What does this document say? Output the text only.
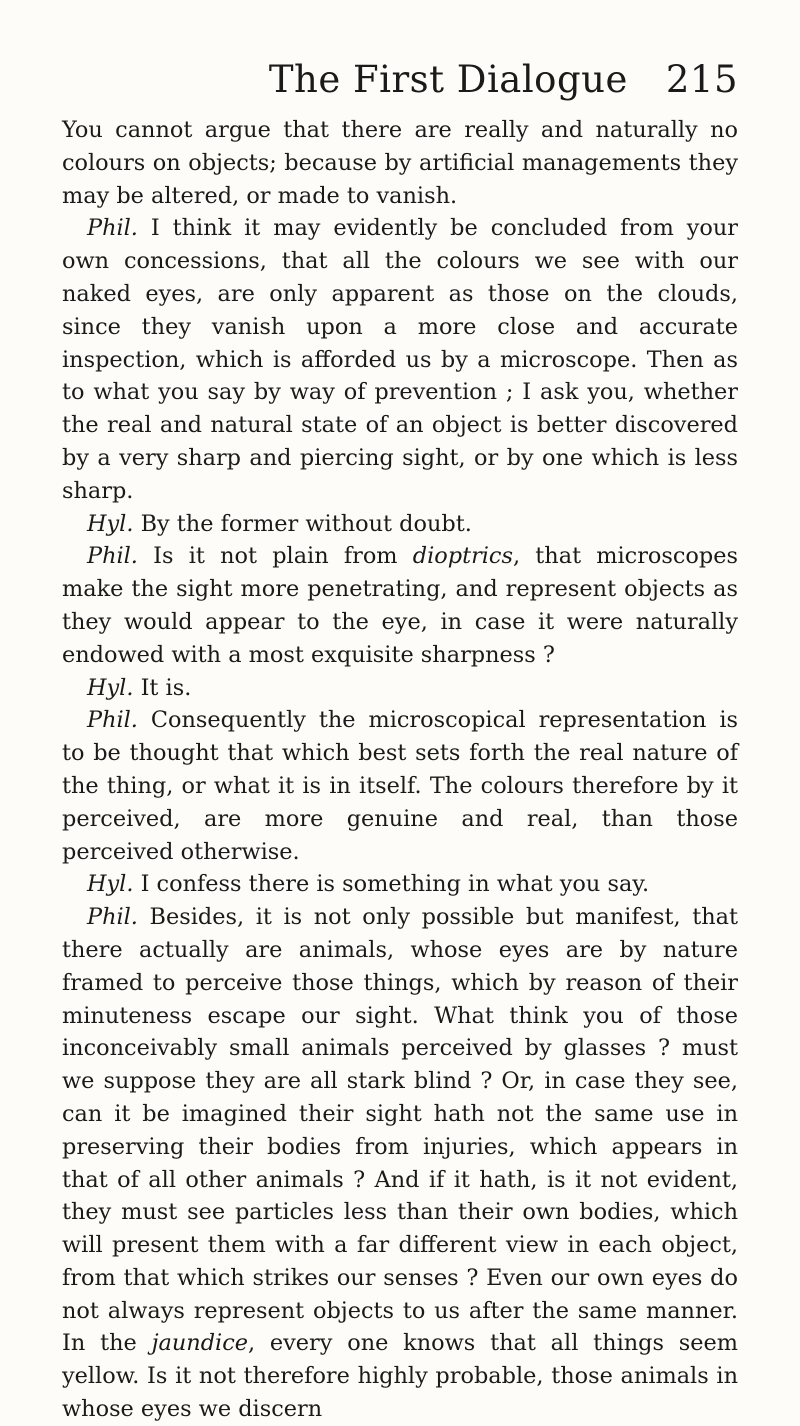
The First Dialogue 215

You cannot argue that there are really and naturally no colours on objects; because by artificial managements they may be altered, or made to vanish.

Phil. I think it may evidently be concluded from your own concessions, that all the colours we see with our naked eyes, are only apparent as those on the clouds, since they vanish upon a more close and accurate inspection, which is afforded us by a microscope. Then as to what you say by way of prevention ; I ask you, whether the real and natural state of an object is better discovered by a very sharp and piercing sight, or by one which is less sharp.

Hyl. By the former without doubt.

Phil. Is it not plain from dioptrics, that microscopes make the sight more penetrating, and represent objects as they would appear to the eye, in case it were naturally endowed with a most exquisite sharpness ?

Hyl. It is.

Phil. Consequently the microscopical representation is to be thought that which best sets forth the real nature of the thing, or what it is in itself. The colours therefore by it perceived, are more genuine and real, than those perceived otherwise.

Hyl. I confess there is something in what you say.

Phil. Besides, it is not only possible but manifest, that there actually are animals, whose eyes are by nature framed to perceive those things, which by reason of their minuteness escape our sight. What think you of those inconceivably small animals perceived by glasses ? must we suppose they are all stark blind ? Or, in case they see, can it be imagined their sight hath not the same use in preserving their bodies from injuries, which appears in that of all other animals ? And if it hath, is it not evident, they must see particles less than their own bodies, which will present them with a far different view in each object, from that which strikes our senses ? Even our own eyes do not always represent objects to us after the same manner. In the jaundice, every one knows that all things seem yellow. Is it not therefore highly probable, those animals in whose eyes we discern
